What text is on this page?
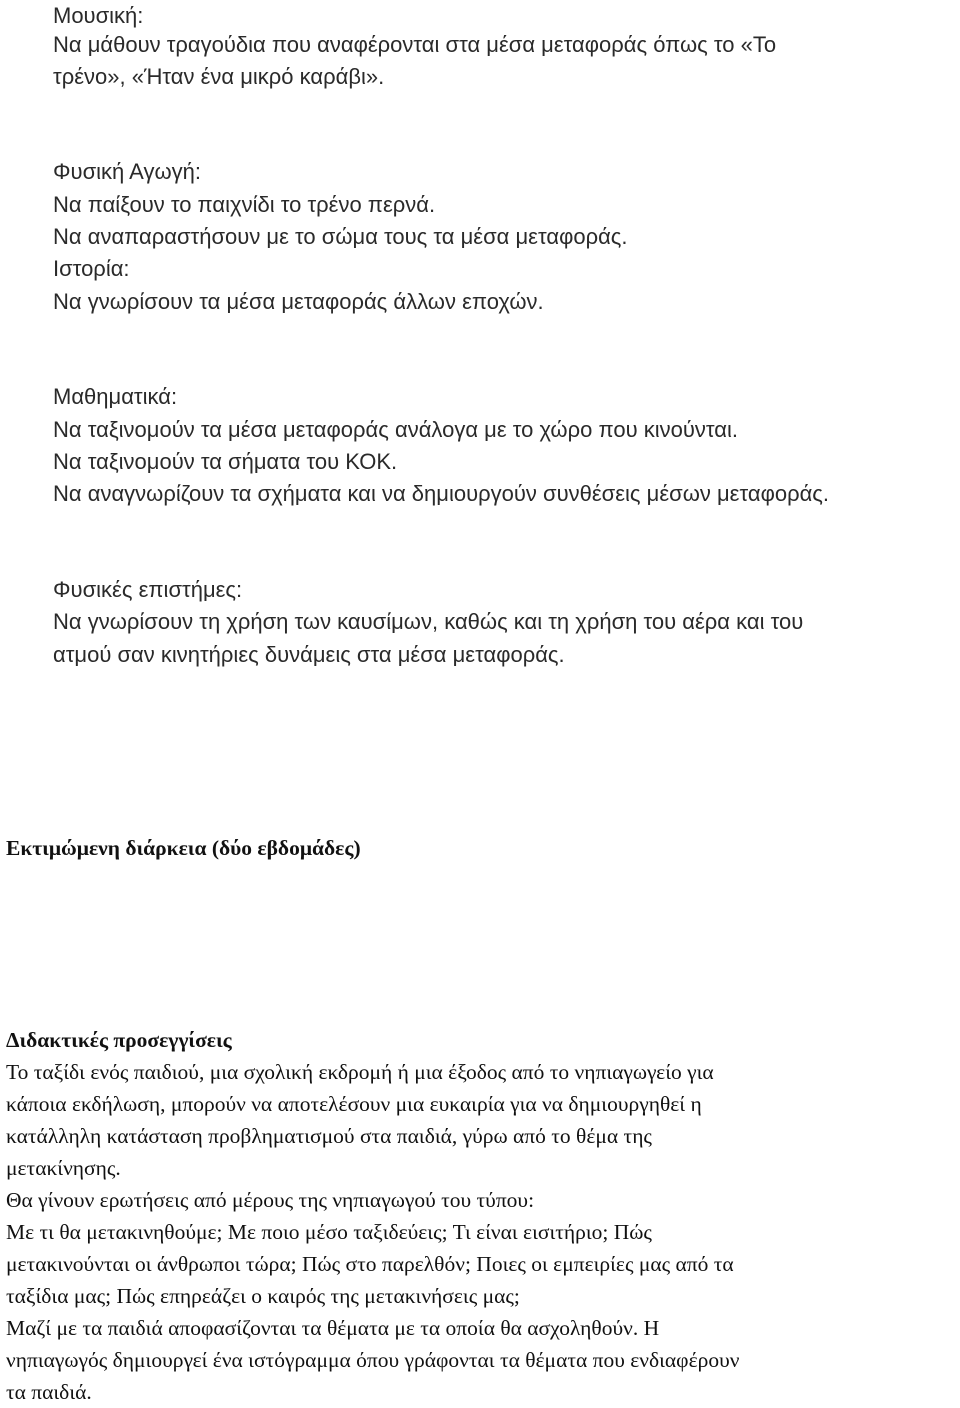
Μουσική:
Να μάθουν τραγούδια που αναφέρονται στα μέσα μεταφοράς όπως το «Το
τρένο», «Ήταν ένα μικρό καράβι».
Φυσική Αγωγή:
Να παίξουν το παιχνίδι το τρένο περνά.
Να αναπαραστήσουν με το σώμα τους τα μέσα μεταφοράς.
Ιστορία:
Να γνωρίσουν τα μέσα μεταφοράς άλλων εποχών.
Μαθηματικά:
Να ταξινομούν τα μέσα μεταφοράς ανάλογα με το χώρο που κινούνται.
Να ταξινομούν τα σήματα του ΚΟΚ.
Να αναγνωρίζουν τα σχήματα και να δημιουργούν συνθέσεις μέσων μεταφοράς.
Φυσικές επιστήμες:
Να γνωρίσουν τη χρήση των καυσίμων, καθώς και τη χρήση του αέρα και του
ατμού σαν κινητήριες δυνάμεις στα μέσα μεταφοράς.
Εκτιμώμενη διάρκεια (δύο εβδομάδες)
Διδακτικές προσεγγίσεις
Το ταξίδι ενός παιδιού, μια σχολική εκδρομή ή μια έξοδος από το νηπιαγωγείο για
κάποια εκδήλωση, μπορούν να αποτελέσουν μια ευκαιρία για να δημιουργηθεί η
κατάλληλη κατάσταση προβληματισμού στα παιδιά, γύρω από το θέμα της
μετακίνησης.
Θα γίνουν ερωτήσεις από μέρους της νηπιαγωγού του τύπου:
Με τι θα μετακινηθούμε; Με ποιο μέσο ταξιδεύεις; Τι είναι εισιτήριο; Πώς
μετακινούνται οι άνθρωποι τώρα; Πώς στο παρελθόν; Ποιες οι εμπειρίες μας από τα
ταξίδια μας; Πώς επηρεάζει ο καιρός της μετακινήσεις μας;
Μαζί με τα παιδιά αποφασίζονται τα θέματα με τα οποία θα ασχοληθούν. Η
νηπιαγωγός δημιουργεί ένα ιστόγραμμα όπου γράφονται τα θέματα που ενδιαφέρουν
τα παιδιά.
